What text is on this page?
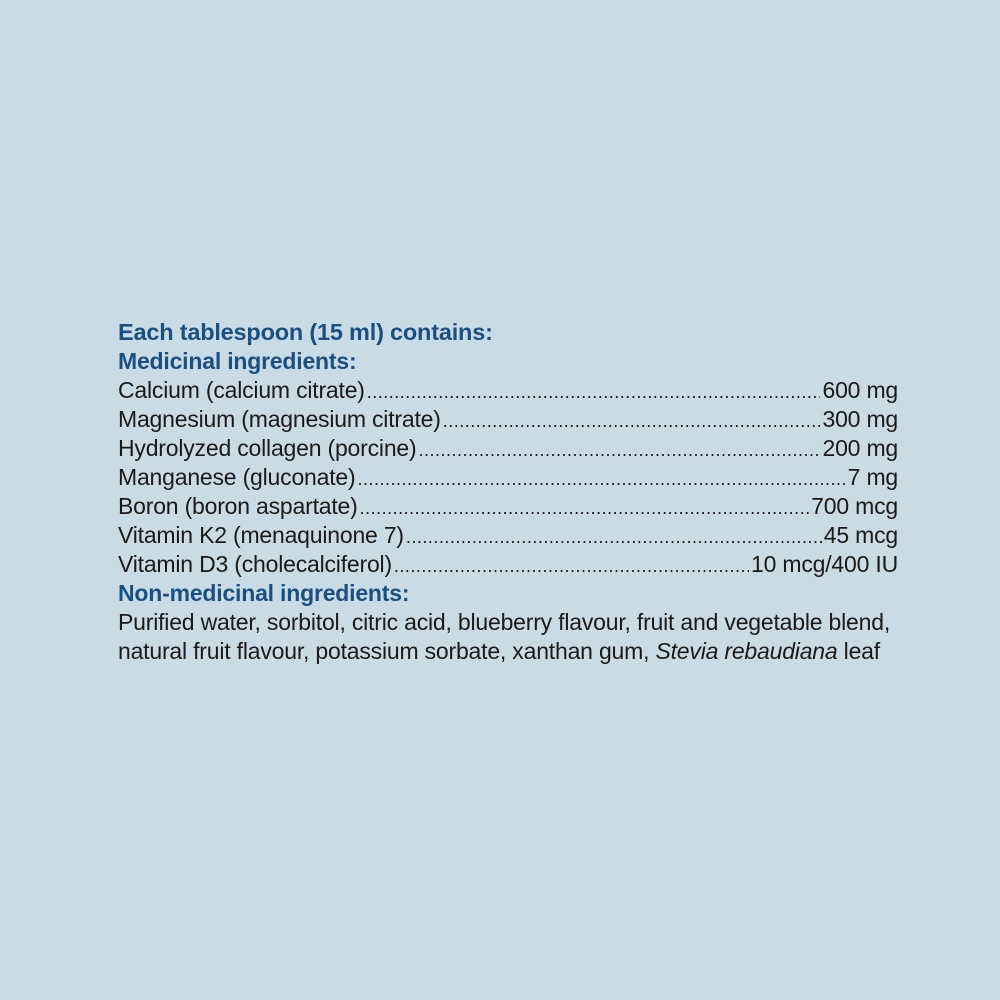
Each tablespoon (15 ml) contains:
Medicinal ingredients:
Calcium (calcium citrate) .....	600 mg
Magnesium (magnesium citrate) .....	300 mg
Hydrolyzed collagen (porcine) .....	200 mg
Manganese (gluconate) .....	7 mg
Boron (boron aspartate) .....	700 mcg
Vitamin K2 (menaquinone 7) .....	45 mcg
Vitamin D3 (cholecalciferol) .....	10 mcg/400 IU
Non-medicinal ingredients:
Purified water, sorbitol, citric acid, blueberry flavour, fruit and vegetable blend, natural fruit flavour, potassium sorbate, xanthan gum, Stevia rebaudiana leaf
